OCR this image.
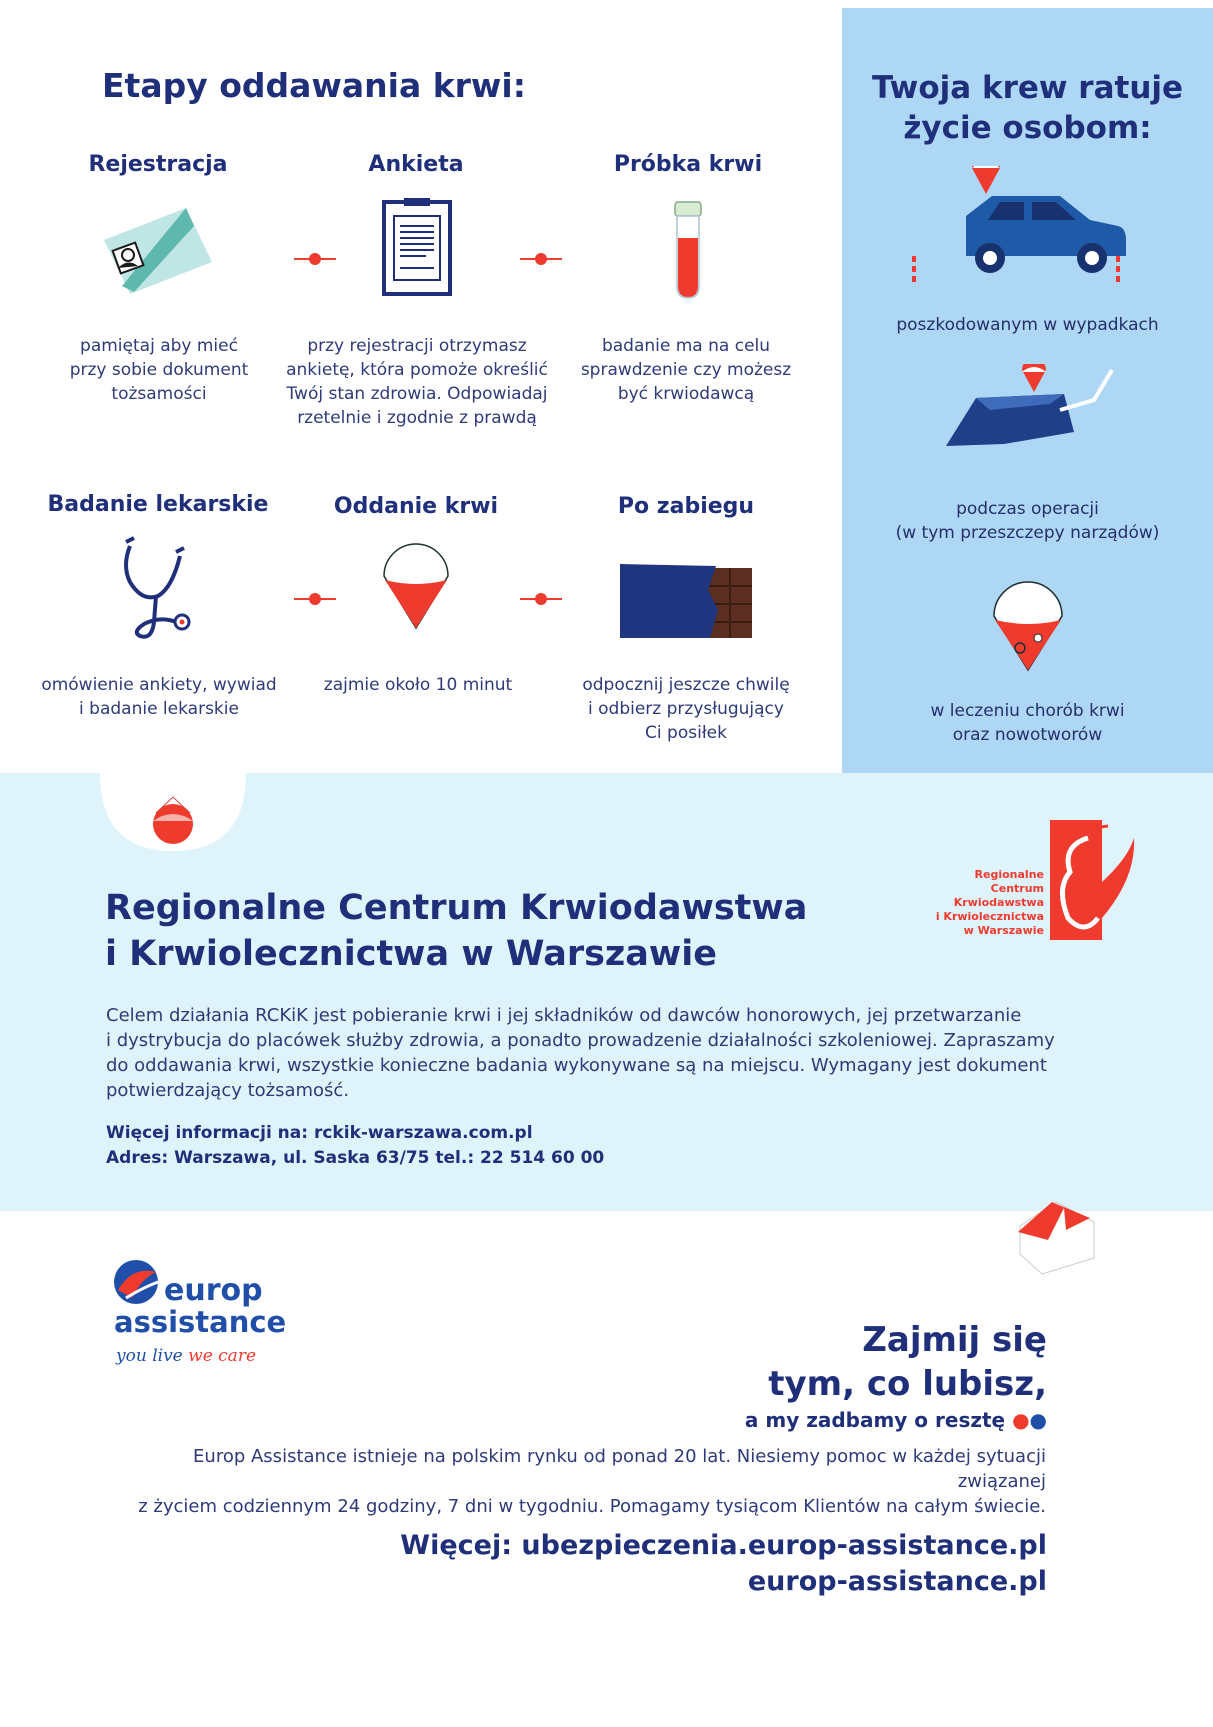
Etapy oddawania krwi:
Rejestracja
pamiętaj aby mieć
przy sobie dokument
tożsamości
Ankieta
przy rejestracji otrzymasz
ankietę, która pomoże określić
Twój stan zdrowia. Odpowiadaj
rzetelnie i zgodnie z prawdą
Próbka krwi
badanie ma na celu
sprawdzenie czy możesz
być krwiodawcą
Badanie lekarskie
omówienie ankiety, wywiad
i badanie lekarskie
Oddanie krwi
zajmie około 10 minut
Po zabiegu
odpocznij jeszcze chwilę
i odbierz przysługujący
Ci posiłek
Twoja krew ratuje
życie osobom:
poszkodowanym w wypadkach
podczas operacji
(w tym przeszczepy narządów)
w leczeniu chorób krwi
oraz nowotworów
Regionalne Centrum Krwiodawstwa
i Krwiolecznictwa w Warszawie
Regionalne
Centrum
Krwiodawstwa
i Krwiolecznictwa
w Warszawie
Celem działania RCKiK jest pobieranie krwi i jej składników od dawców honorowych, jej przetwarzanie
i dystrybucja do placówek służby zdrowia, a ponadto prowadzenie działalności szkoleniowej. Zapraszamy
do oddawania krwi, wszystkie konieczne badania wykonywane są na miejscu. Wymagany jest dokument
potwierdzający tożsamość.
Więcej informacji na: rckik-warszawa.com.pl
Adres: Warszawa, ul. Saska 63/75 tel.: 22 514 60 00
europ
assistance
you live we care	Zajmij się
tym, co lubisz,
a my zadbamy o resztę ●●
Europ Assistance istnieje na polskim rynku od ponad 20 lat. Niesiemy pomoc w każdej sytuacji związanej
z życiem codziennym 24 godziny, 7 dni w tygodniu. Pomagamy tysiącom Klientów na całym świecie.
Więcej: ubezpieczenia.europ-assistance.pl
europ-assistance.pl
